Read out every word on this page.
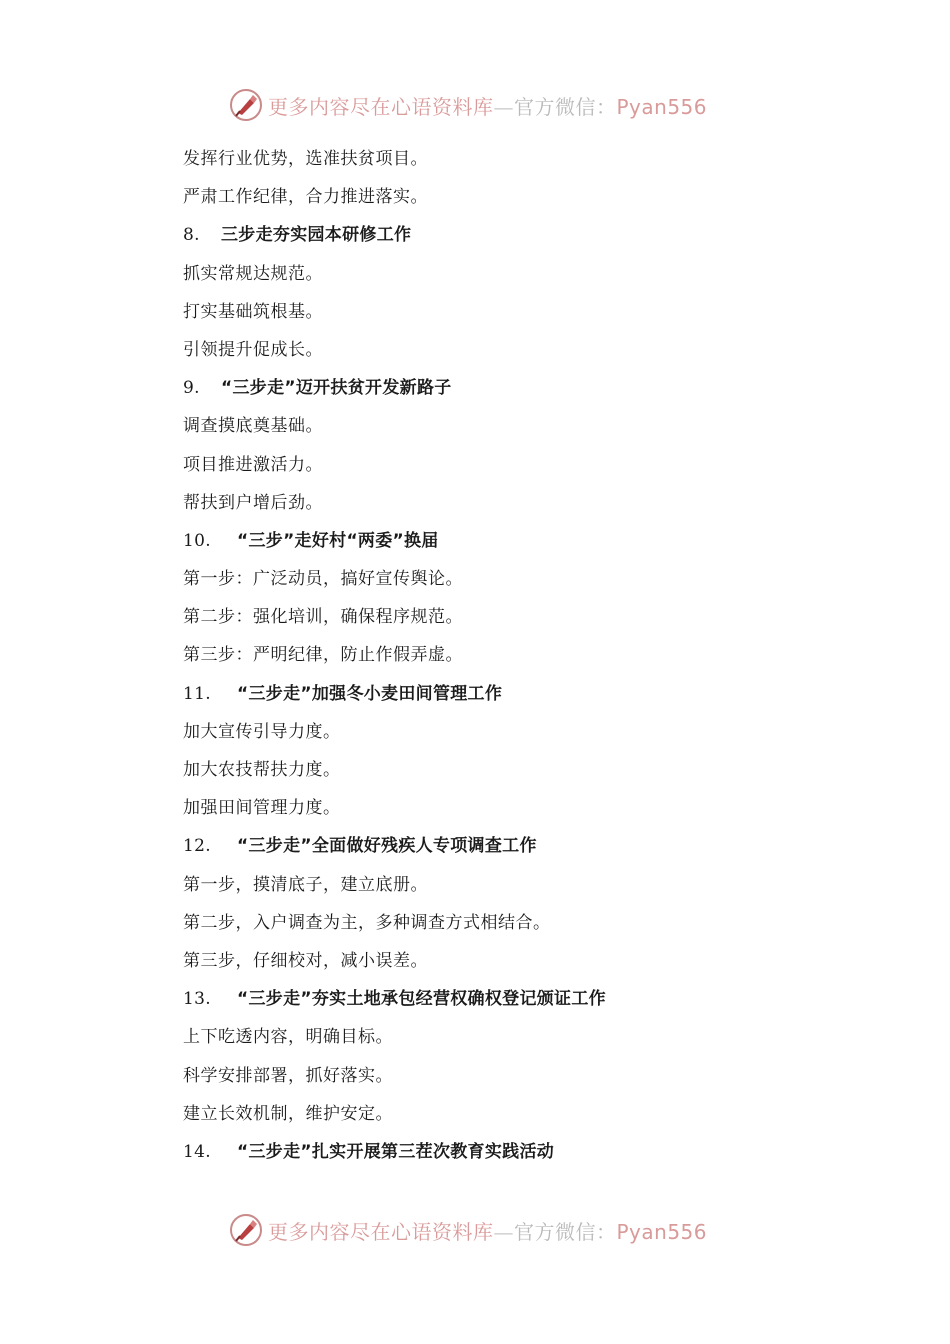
更多内容尽在心语资料库—官方微信：Pyan556
发挥行业优势，选准扶贫项目。
严肃工作纪律，合力推进落实。
8. 三步走夯实园本研修工作
抓实常规达规范。
打实基础筑根基。
引领提升促成长。
9. “三步走”迈开扶贫开发新路子
调查摸底奠基础。
项目推进激活力。
帮扶到户增后劲。
10. “三步”走好村“两委”换届
第一步：广泛动员，搞好宣传舆论。
第二步：强化培训，确保程序规范。
第三步：严明纪律，防止作假弄虚。
11. “三步走”加强冬小麦田间管理工作
加大宣传引导力度。
加大农技帮扶力度。
加强田间管理力度。
12. “三步走”全面做好残疾人专项调查工作
第一步，摸清底子，建立底册。
第二步，入户调查为主，多种调查方式相结合。
第三步，仔细校对，减小误差。
13. “三步走”夯实土地承包经营权确权登记颁证工作
上下吃透内容，明确目标。
科学安排部署，抓好落实。
建立长效机制，维护安定。
14. “三步走”扎实开展第三茬次教育实践活动
更多内容尽在心语资料库—官方微信：Pyan556
